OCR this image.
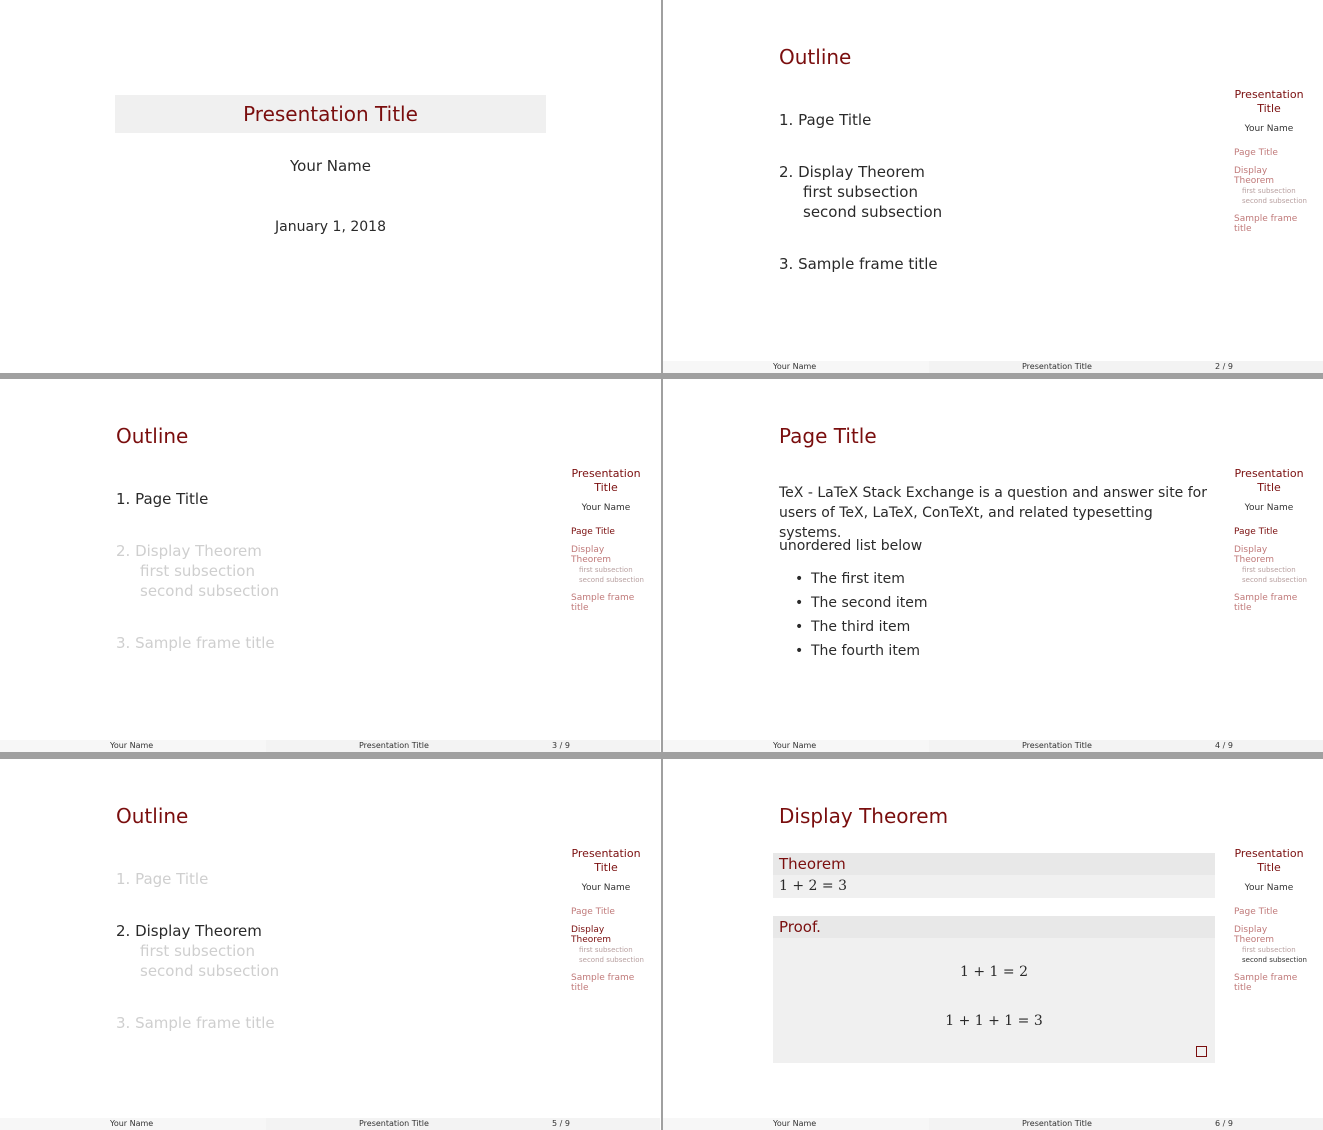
Presentation Title
Your Name
January 1, 2018
Outline
1. Page Title
2. Display Theorem
first subsection
second subsection
3. Sample frame title
Presentation
Title
Your Name
Page Title
Display Theorem
first subsection
second subsection
Sample frame
title
Your Name	Presentation Title	2 / 9
Outline
1. Page Title
2. Display Theorem
first subsection
second subsection
3. Sample frame title
Presentation
Title
Your Name
Page Title
Display Theorem
first subsection
second subsection
Sample frame
title
Your Name	Presentation Title	3 / 9
Page Title
TeX - LaTeX Stack Exchange is a question and answer site for users of TeX, LaTeX, ConTeXt, and related typesetting systems.
unordered list below
• The first item
• The second item
• The third item
• The fourth item
Presentation
Title
Your Name
Page Title
Display Theorem
first subsection
second subsection
Sample frame
title
Your Name	Presentation Title	4 / 9
Outline
1. Page Title
2. Display Theorem
first subsection
second subsection
3. Sample frame title
Presentation
Title
Your Name
Page Title
Display Theorem
first subsection
second subsection
Sample frame
title
Your Name	Presentation Title	5 / 9
Display Theorem
Theorem
1 + 2 = 3
Proof.
1 + 1 = 2
1 + 1 + 1 = 3
Presentation
Title
Your Name
Page Title
Display Theorem
first subsection
second subsection
Sample frame
title
Your Name	Presentation Title	6 / 9
